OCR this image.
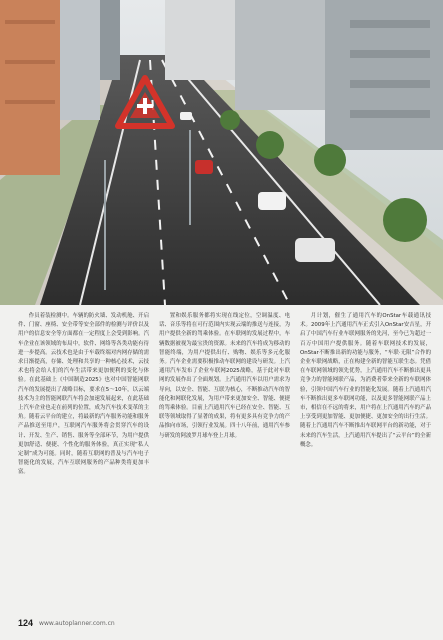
作员着装检测中。车辆的防火墙、发动机舱、开启件、门窗、座椅、安全带等安全部件的检测与评价以及用户的信息安全等方面都在一定程度上会受到影响。汽车企业在该领域的布局中，软件、网络等各类功能有待进一步提高。云技术也是由于车载终端对内网存储的需求日渐提高，存储、处理和共享的一种核心技术，云技术也将会给人们的汽车生活带来更加便利的变化与体验。在此基础上《中国制造2025》也对中国智能网联汽车的发展提出了战略目标，要求在5～10年，以云端技术为主的智能网联汽车将会加速发展起来，在此基础上汽车企业也走在前列的位置，成为汽车技术变革的主角。随着云平台的建立，将最新的汽车服务功能和服务产品推送至用户，互联网汽车服务将会贯穿汽车的设计、开发、生产、销售、服务等全部环节，为用户提供更加舒适、便捷、个性化的服务体验，真正实现“私人定制”成为可能。同时，随着互联网的普及与汽车电子智能化的发展，汽车互联网服务的产品种类将更加丰富。

置和娱乐服务都将实现在线定位，空调温度、电话、音乐等将在可行范围内实现云端的推送与连接，为用户提供全新的驾乘体验。在车联网的发展过程中，车辆数据被视为最宝贵的资源。未来的汽车将成为移动的智能终端，为用户提供出行、购物、娱乐等多元化服务。汽车企业需要积极推动车联网的建设与研发。上汽通用汽车发布了企业车联网2025战略，基于此对车联网的发展作出了全面规划。上汽通用汽车以用户需求为导向，以安全、智能、互联为核心，不断推动汽车的智能化和网联化发展，为用户带来更加安全、智能、便捷的驾乘体验。目前上汽通用汽车已经在安全、智能、互联等领域取得了显著的成果，将有更多具有竞争力的产品推向市场，引领行业发展。四十八年前，通用汽车参与研发的阿波罗月球车登上月球。

月计划，催生了通用汽车的OnStar车载通讯技术。2009年上汽通用汽车正式引入OnStar安吉星，开启了中国汽车行业车联网服务的先河，至今已为超过一百万中国用户提供服务。随着车联网技术的发展，OnStar不断推出新的功能与服务，“车联·无限”合作的企业车联网战略，正在构建全新的智能互联生态。凭借在车联网领域的领先优势，上汽通用汽车不断推出更具竞争力的智能网联产品，为消费者带来全新的车联网体验，引领中国汽车行业的智能化发展。随着上汽通用汽车不断推出更多车联网功能，以及更多智能网联产品上市，相信在不远的将来，用户将在上汽通用汽车的产品上享受到更加智能、更加便捷、更加安全的出行生活。随着上汽通用汽车不断推出车联网平台的新功能，对于未来的汽车生活，上汽通用汽车提出了“云平台”的全新概念。

124 www.autoplanner.com.cn
